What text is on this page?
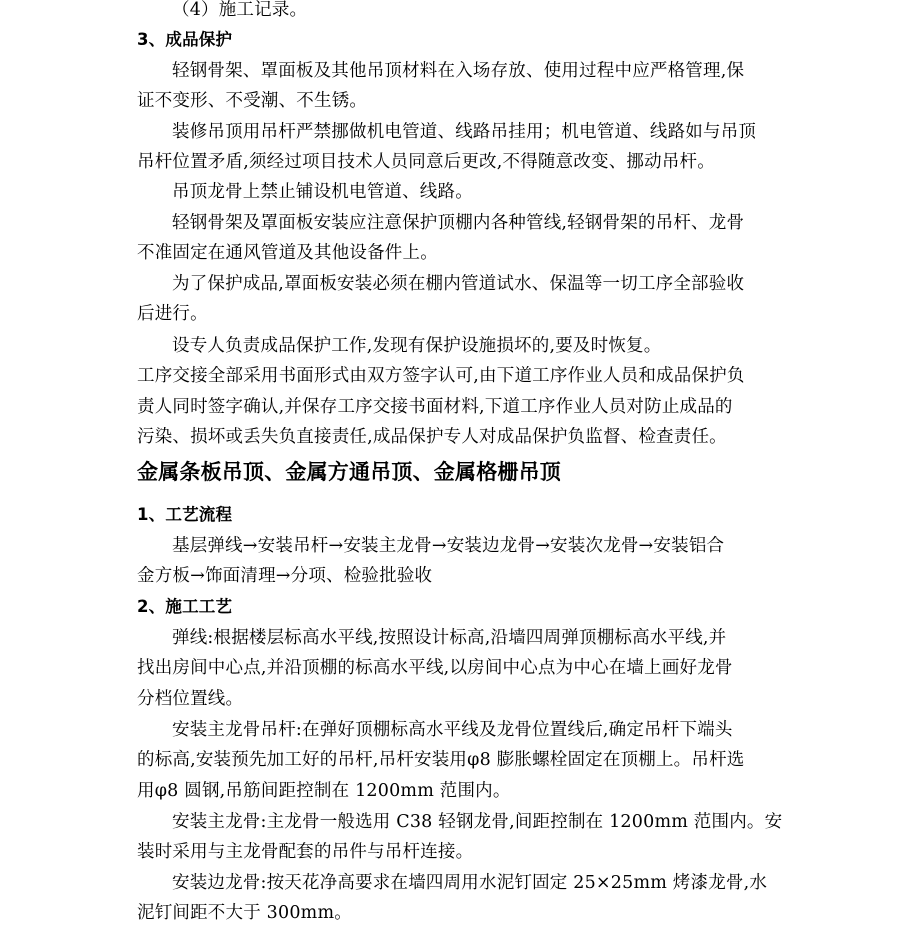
（4）施工记录。
3、成品保护
轻钢骨架、罩面板及其他吊顶材料在入场存放、使用过程中应严格管理,保
证不变形、不受潮、不生锈。
装修吊顶用吊杆严禁挪做机电管道、线路吊挂用；机电管道、线路如与吊顶
吊杆位置矛盾,须经过项目技术人员同意后更改,不得随意改变、挪动吊杆。
吊顶龙骨上禁止铺设机电管道、线路。
轻钢骨架及罩面板安装应注意保护顶棚内各种管线,轻钢骨架的吊杆、龙骨
不准固定在通风管道及其他设备件上。
为了保护成品,罩面板安装必须在棚内管道试水、保温等一切工序全部验收
后进行。
设专人负责成品保护工作,发现有保护设施损坏的,要及时恢复。
工序交接全部采用书面形式由双方签字认可,由下道工序作业人员和成品保护负
责人同时签字确认,并保存工序交接书面材料,下道工序作业人员对防止成品的
污染、损坏或丢失负直接责任,成品保护专人对成品保护负监督、检查责任。
金属条板吊顶、金属方通吊顶、金属格栅吊顶
1、工艺流程
基层弹线→安装吊杆→安装主龙骨→安装边龙骨→安装次龙骨→安装铝合
金方板→饰面清理→分项、检验批验收
2、施工工艺
弹线:根据楼层标高水平线,按照设计标高,沿墙四周弹顶棚标高水平线,并
找出房间中心点,并沿顶棚的标高水平线,以房间中心点为中心在墙上画好龙骨
分档位置线。
安装主龙骨吊杆:在弹好顶棚标高水平线及龙骨位置线后,确定吊杆下端头
的标高,安装预先加工好的吊杆,吊杆安装用φ8 膨胀螺栓固定在顶棚上。吊杆选
用φ8 圆钢,吊筋间距控制在 1200mm 范围内。
安装主龙骨:主龙骨一般选用 C38 轻钢龙骨,间距控制在 1200mm 范围内。安
装时采用与主龙骨配套的吊件与吊杆连接。
安装边龙骨:按天花净高要求在墙四周用水泥钉固定 25×25mm 烤漆龙骨,水
泥钉间距不大于 300mm。
